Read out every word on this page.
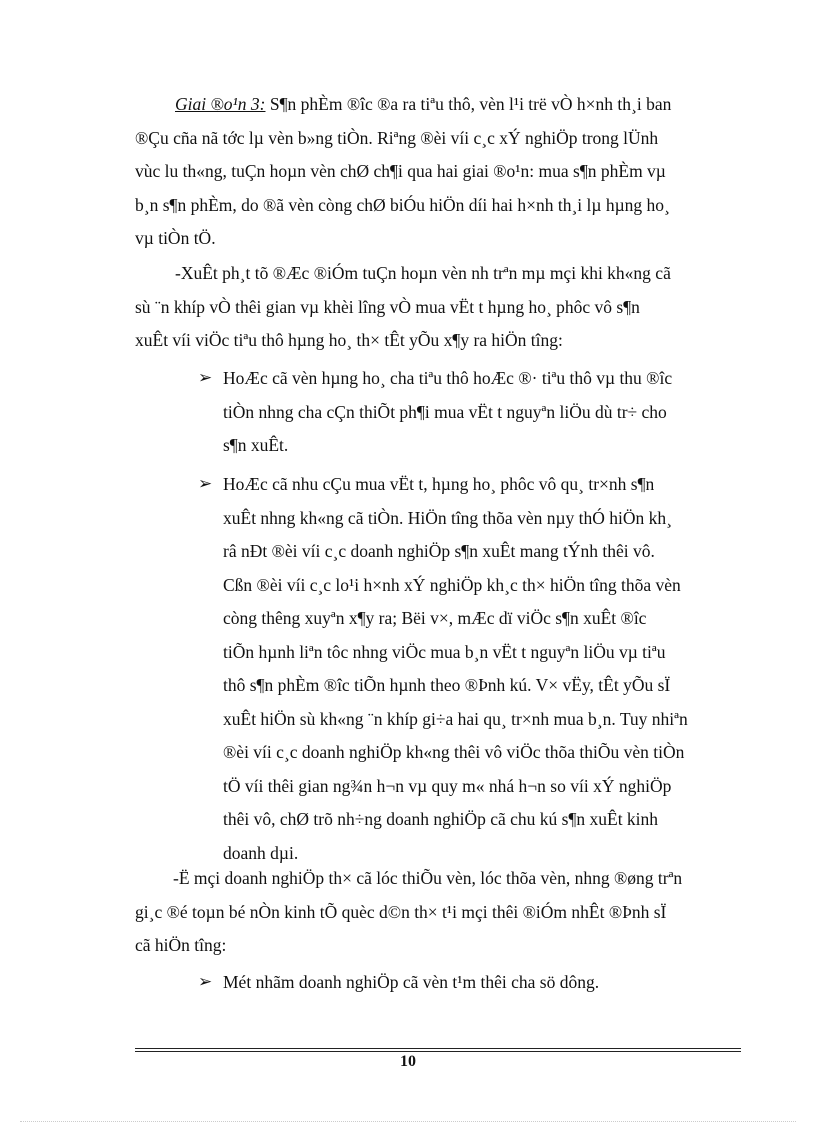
Giai ®o¹n 3: S¶n phÈm ®îc ®a ra tiªu thô, vèn l¹i trë vÒ h×nh th¸i ban
®Çu cña nã tớc lµ vèn b»ng tiÒn. Riªng ®èi víi c¸c xÝ nghiÖp trong lÜnh
vùc lu th«ng, tuÇn hoµn vèn chØ ch¶i qua hai giai ®o¹n: mua s¶n phÈm vµ
b¸n s¶n phÈm, do ®ã vèn còng chØ biÓu hiÖn díi hai h×nh th¸i lµ hµng ho¸
vµ tiÒn tÖ.

-XuÊt ph¸t tõ ®Æc ®iÓm tuÇn hoµn vèn nh trªn mµ mçi khi kh«ng cã
sù ¨n khíp vÒ thêi gian vµ khèi lîng vÒ mua vËt t hµng ho¸ phôc vô s¶n
xuÊt víi viÖc tiªu thô hµng ho¸ th× tÊt yÕu x¶y ra hiÖn tîng:

➢ HoÆc cã vèn hµng ho¸ cha tiªu thô hoÆc ®· tiªu thô vµ thu ®îc
tiÒn nhng cha cÇn thiÕt ph¶i mua vËt t nguyªn liÖu dù tr÷ cho
s¶n xuÊt.

➢ HoÆc cã nhu cÇu mua vËt t, hµng ho¸ phôc vô qu¸ tr×nh s¶n
xuÊt nhng kh«ng cã tiÒn. HiÖn tîng thõa vèn nµy thÓ hiÖn kh¸
râ nÐt ®èi víi c¸c doanh nghiÖp s¶n xuÊt mang tÝnh thêi vô.
Cßn ®èi víi c¸c lo¹i h×nh xÝ nghiÖp kh¸c th× hiÖn tîng thõa vèn
còng thêng xuyªn x¶y ra; Bëi v×, mÆc dï viÖc s¶n xuÊt ®îc
tiÕn hµnh liªn tôc nhng viÖc mua b¸n vËt t nguyªn liÖu vµ tiªu
thô s¶n phÈm ®îc tiÕn hµnh theo ®Þnh kú. V× vËy, tÊt yÕu sÏ
xuÊt hiÖn sù kh«ng ¨n khíp gi÷a hai qu¸ tr×nh mua b¸n. Tuy nhiªn
®èi víi c¸c doanh nghiÖp kh«ng thêi vô viÖc thõa thiÕu vèn tiÒn
tÖ víi thêi gian ng¾n h¬n vµ quy m« nhá h¬n so víi xÝ nghiÖp
thêi vô, chØ trõ nh÷ng doanh nghiÖp cã chu kú s¶n xuÊt kinh
doanh dµi.

-Ë mçi doanh nghiÖp th× cã lóc thiÕu vèn, lóc thõa vèn, nhng ®øng trªn
gi¸c ®é toµn bé nÒn kinh tÕ quèc d©n th× t¹i mçi thêi ®iÓm nhÊt ®Þnh sÏ
cã hiÖn tîng:

➢ Mét nhãm doanh nghiÖp cã vèn t¹m thêi cha sö dông.

10
